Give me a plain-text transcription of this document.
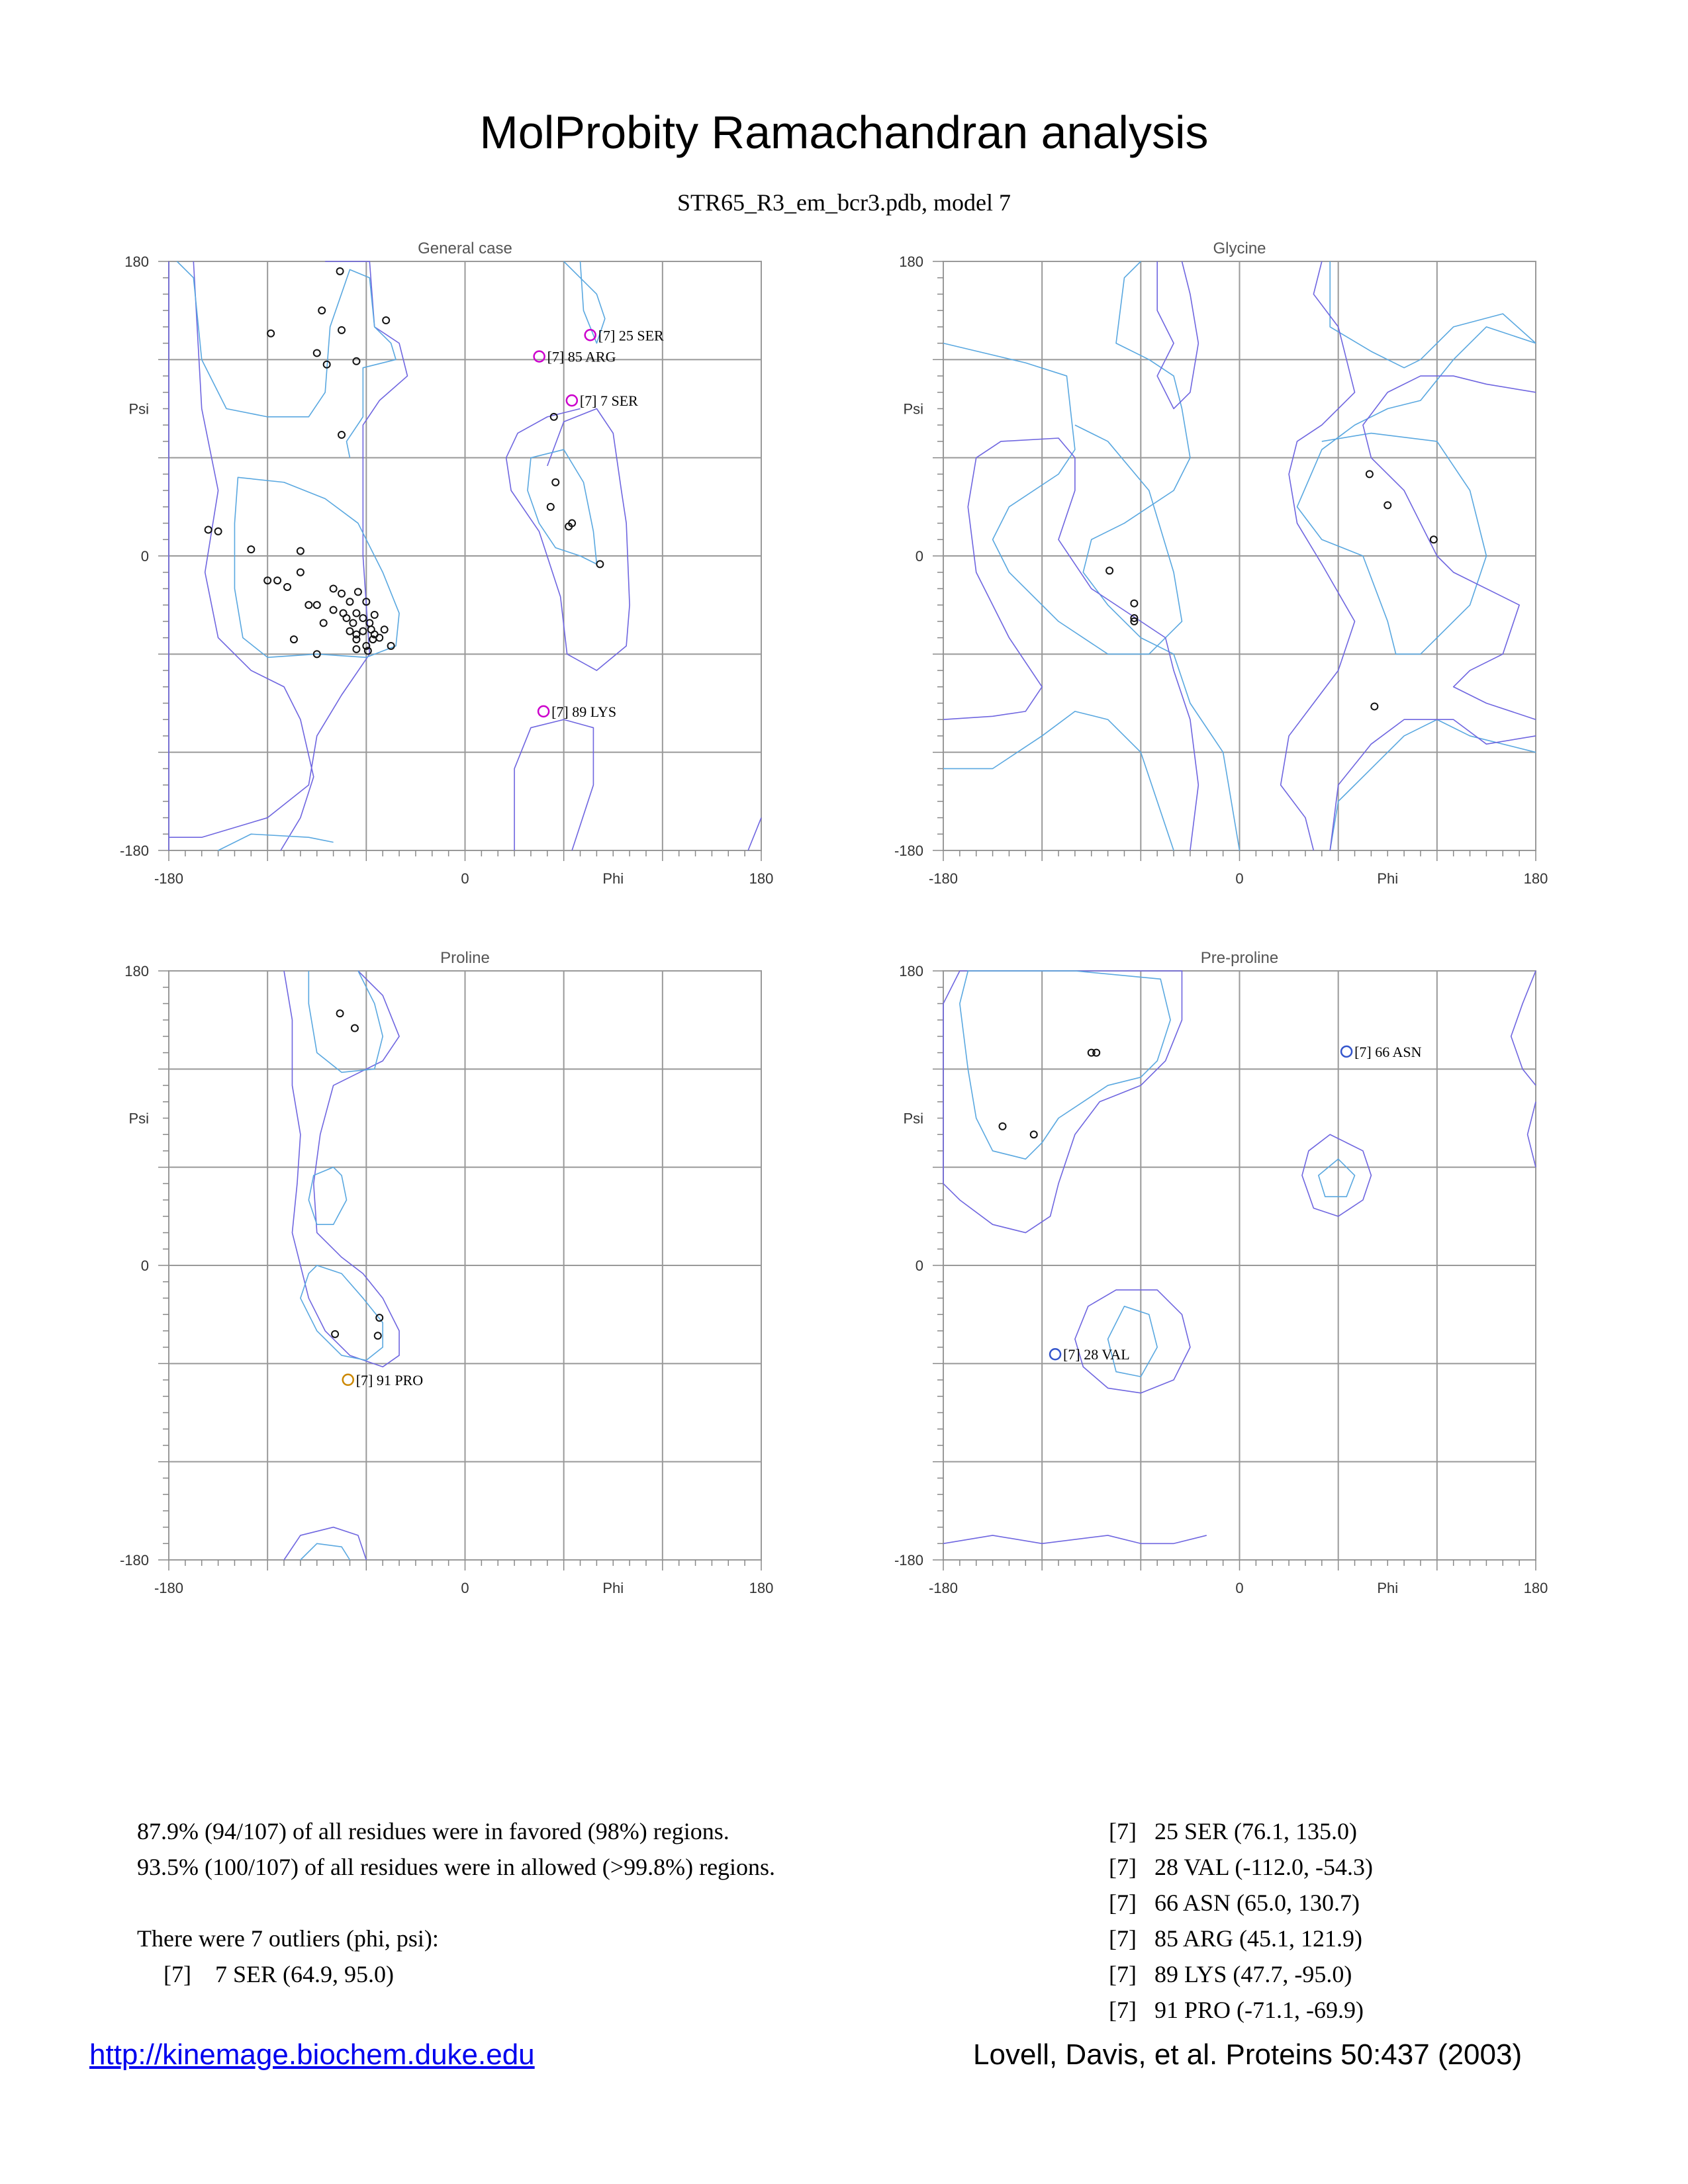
MolProbity Ramachandran analysis
STR65_R3_em_bcr3.pdb, model 7
General case
-180	0	180
Phi
180
0
-180
Psi
[7] 25 SER
[7] 85 ARG
[7] 7 SER
[7] 89 LYS
Glycine
-180	0	180
Phi
180
0
-180
Psi
Proline
-180	0	180
Phi
180
0
-180
Psi
[7] 91 PRO
Pre-proline
-180	0	180
Phi
180
0
-180
Psi
[7] 66 ASN
[7] 28 VAL
87.9% (94/107) of all residues were in favored (98%) regions.
93.5% (100/107) of all residues were in allowed (>99.8%) regions.
There were 7 outliers (phi, psi):
[7]    7 SER (64.9, 95.0)
[7]   25 SER (76.1, 135.0)
[7]   28 VAL (-112.0, -54.3)
[7]   66 ASN (65.0, 130.7)
[7]   85 ARG (45.1, 121.9)
[7]   89 LYS (47.7, -95.0)
[7]   91 PRO (-71.1, -69.9)
http://kinemage.biochem.duke.edu	Lovell, Davis, et al. Proteins 50:437 (2003)
